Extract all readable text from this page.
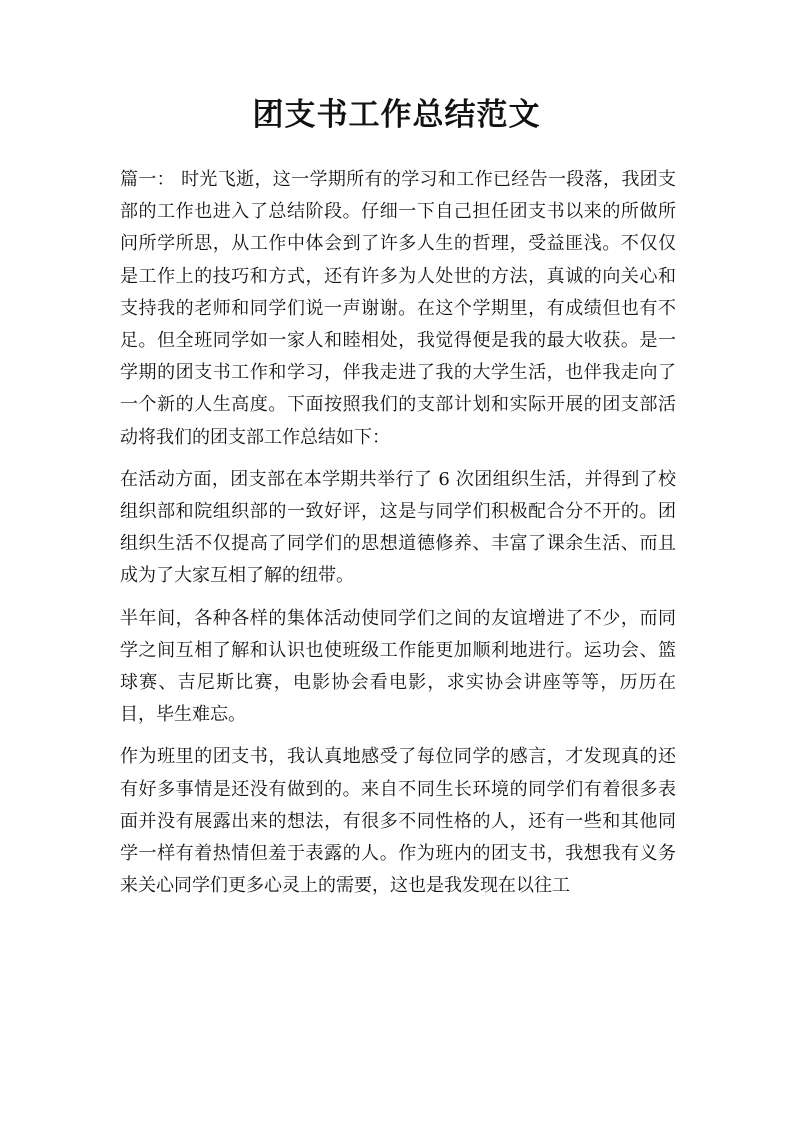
团支书工作总结范文

篇一： 时光飞逝，这一学期所有的学习和工作已经告一段落，我团支部的工作也进入了总结阶段。仔细一下自己担任团支书以来的所做所问所学所思，从工作中体会到了许多人生的哲理，受益匪浅。不仅仅是工作上的技巧和方式，还有许多为人处世的方法，真诚的向关心和支持我的老师和同学们说一声谢谢。在这个学期里，有成绩但也有不足。但全班同学如一家人和睦相处，我觉得便是我的最大收获。是一学期的团支书工作和学习，伴我走进了我的大学生活，也伴我走向了一个新的人生高度。下面按照我们的支部计划和实际开展的团支部活动将我们的团支部工作总结如下：

在活动方面，团支部在本学期共举行了 6 次团组织生活，并得到了校组织部和院组织部的一致好评，这是与同学们积极配合分不开的。团组织生活不仅提高了同学们的思想道德修养、丰富了课余生活、而且成为了大家互相了解的纽带。

半年间，各种各样的集体活动使同学们之间的友谊增进了不少，而同学之间互相了解和认识也使班级工作能更加顺利地进行。运功会、篮球赛、吉尼斯比赛，电影协会看电影，求实协会讲座等等，历历在目，毕生难忘。

作为班里的团支书，我认真地感受了每位同学的感言，才发现真的还有好多事情是还没有做到的。来自不同生长环境的同学们有着很多表面并没有展露出来的想法，有很多不同性格的人，还有一些和其他同学一样有着热情但羞于表露的人。作为班内的团支书，我想我有义务来关心同学们更多心灵上的需要，这也是我发现在以往工
